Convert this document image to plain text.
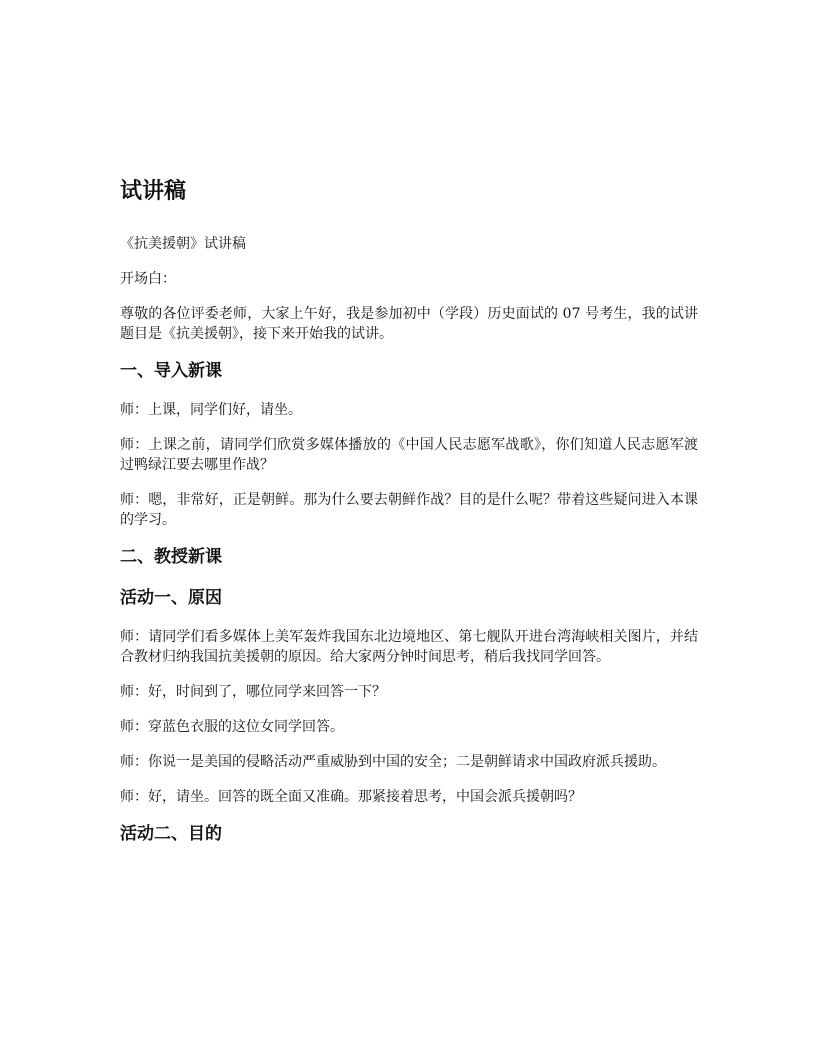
试讲稿

《抗美援朝》试讲稿

开场白：

尊敬的各位评委老师，大家上午好，我是参加初中（学段）历史面试的 07 号考生，我的试讲题目是《抗美援朝》，接下来开始我的试讲。

一、导入新课

师：上课，同学们好，请坐。

师：上课之前，请同学们欣赏多媒体播放的《中国人民志愿军战歌》，你们知道人民志愿军渡过鸭绿江要去哪里作战？

师：嗯，非常好，正是朝鲜。那为什么要去朝鲜作战？目的是什么呢？带着这些疑问进入本课的学习。

二、教授新课
活动一、原因

师：请同学们看多媒体上美军轰炸我国东北边境地区、第七舰队开进台湾海峡相关图片，并结合教材归纳我国抗美援朝的原因。给大家两分钟时间思考，稍后我找同学回答。

师：好，时间到了，哪位同学来回答一下？

师：穿蓝色衣服的这位女同学回答。

师：你说一是美国的侵略活动严重威胁到中国的安全；二是朝鲜请求中国政府派兵援助。

师：好，请坐。回答的既全面又准确。那紧接着思考，中国会派兵援朝吗？

活动二、目的
